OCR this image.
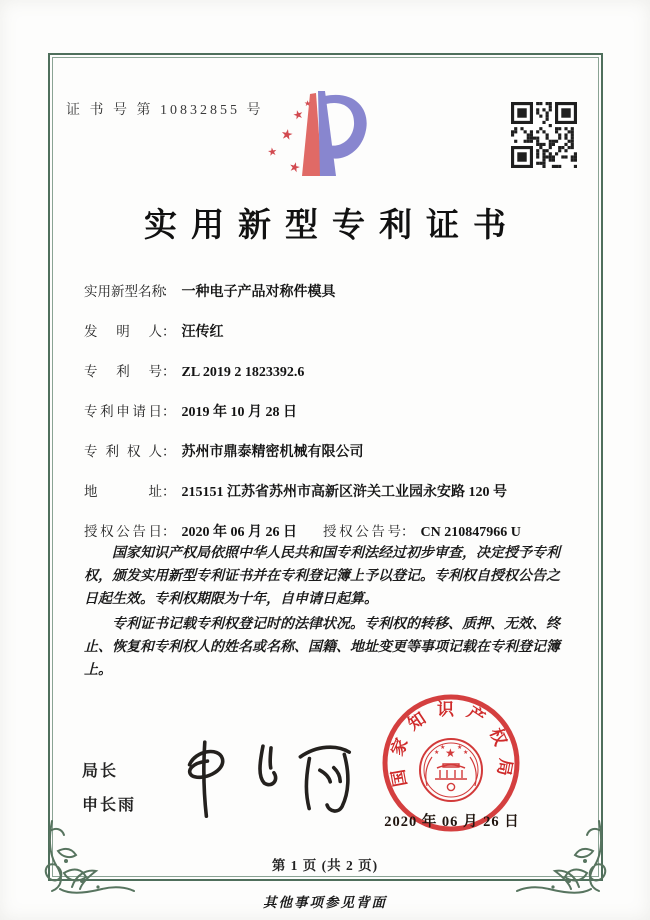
证 书 号 第 10832855 号 ★
★
★
★
★
实用新型专利证书
实用新型名称： 一种电子产品对称件模具
发明人： 汪传红
专利号： ZL 2019 2 1823392.6
专利申请日： 2019 年 10 月 28 日
专利权人： 苏州市鼎泰精密机械有限公司
地址： 215151 江苏省苏州市高新区浒关工业园永安路 120 号
授权公告日： 2020 年 06 月 26 日 授权公告号： CN 210847966 U

国家知识产权局依照中华人民共和国专利法经过初步审查，决定授予专利权，颁发实用新型专利证书并在专利登记簿上予以登记。专利权自授权公告之日起生效。专利权期限为十年，自申请日起算。

专利证书记载专利权登记时的法律状况。专利权的转移、质押、无效、终止、恢复和专利权人的姓名或名称、国籍、地址变更等事项记载在专利登记簿上。

局长
申长雨
国家知识产权局
★
★
★ ★
★
2020 年 06 月 26 日
第 1 页 (共 2 页)
其他事项参见背面
